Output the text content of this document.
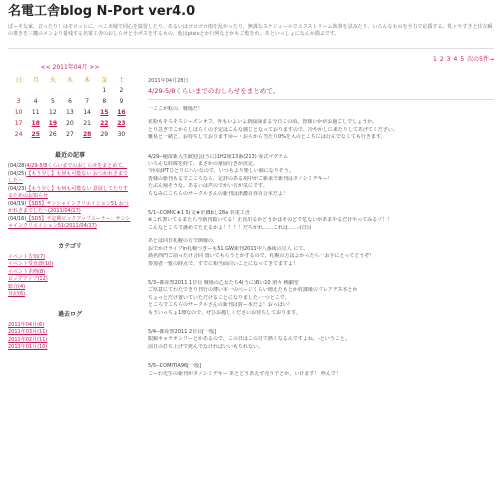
名電工舎blog N-Port ver4.0
ぱーそな家、音ったり！はモロッヒに、べこ未城で同心を演習したり、あるいはゴロゴロ雨を乱がったり、無謀なスケジュールでエクストリーム執筆を試みたり、いろんなものを全力で応援する、乳ヶやすきと往左瞬の書きを三鷹のメンより量残する名電工舎のおしらせと小ポスをするもの、他はpixivとか行列なとかもご覧をれ。あといっしょになんか描ぶです。
<< 2011年04月 >>
日	月	火	水	木	金	土
					1	2
3	4	5	6	7	8	9
10	11	12	13	14	15	16
17	18	19	20	21	22	23
24	25	26	27	28	29	30
最近の記事
(04/28)4/29-5/8くらいまでのおしらせをまとめて。
(04/25)【もう少し】も何も可能ない おつかれさまでした～
(04/23)【もう少し】も何も可能ない 意展してたりするためのお知らせ
(04/19)【SD5】サンシャインクリエイション51 おつかれさまでした～(2011/04/17)
(04/16)【SD5】不定期ピックアップユーナー：サンシャインクリエイション51(2011/04/17)
カテゴリ
イベント告知(7)
イベント受直談(10)
イベント企画(8)
ピックアップ(12)
総合(4)
日記(6)
過去ログ
2011年04月(6)
2011年03月(11)
2011年02月(11)
2011年01月(10)
1 2 3 4 5 次の5件→
2011年04月28日
4/29-5/8くらいまでのおしらせをまとめて。
一ここが転の、戦場だ！
花粉もそろそろシーズンオフ、外もいよいよ新緑深まる今日この頃、皆様いかがお過ごしでしょうか。
とり急ぎでこからしばらくの予定はこんな感じとなっておりますので、冷やかしに来たりしてあげてください。
難易と一緒と、お待ちしておりますゆー・おらから当たり0%を入のとこちには行んでなくても行きます。
4/29--稲苗新入生歓迎会(うに)1H2組13番(213) 零式マグナム
いろんな経緯を経て、まさかの童展行きが決定。
今回はPTひとりにへいなので、いつもより楽しい顔になりそう。
皆様の新刊もるでこころなら、定評のある胡中がご新来で新刊はタノシミデキー！
たぶん帰そうな。あるいは声のでかい方が気にです。
ちなみにこちらのサークルさんの新刊は津濃百谷百合本だよ！
5/1--COMIC★1 5(文★企)Bbし28a 名電工舎
※これ書いてるまたら今新刊篇いてる！正直出るかどうかはそのどで危ないがあまやるだけやってみるゾ！！
こんなところで謎めてたえるかよ！！！！だろがれ……これは……-(日目
あとは同日札幌の方で開催の、
おでかけライブin札幌つぎーも51 GW新刊2011中八番街の豆人 にて、
渦名西門ご前ったけ合同 置いてもらうとかするので、札幌の方はよかったら一お手にとってどうぞ！
参加者一覧の時点で、すでに相当面白いことになってきてますよ！
5/3--都産祭2011 1日目 戦場の乙女たち4(うに)Bい10 滑々 種劇堂
ご厚意にてわたできり刊行の薄い本一のページくらい増えたもとか放課後のプレアデス本とか
ちょっとだけ置いていただけることになりました-一つとこで。
ところでこちらのサークルさんの新刊は賀ー本だよ！おっぱい！
もういっちょ1冊なので、ぜひお越しくださいお待ちしております。
5/4--都産祭2011 2日目[一般]
眼鏡キャラオンリーとかあるので、この日はこの日で熱くなるんですよね、-ということ。
前日の打ち上げで死んでなければいいもちれない。
5/5--COMITIA96[一般]
こーわ先生の新刊がタノシミデキー あとどうあえず売り子とか、いけます！ 呼んで！
